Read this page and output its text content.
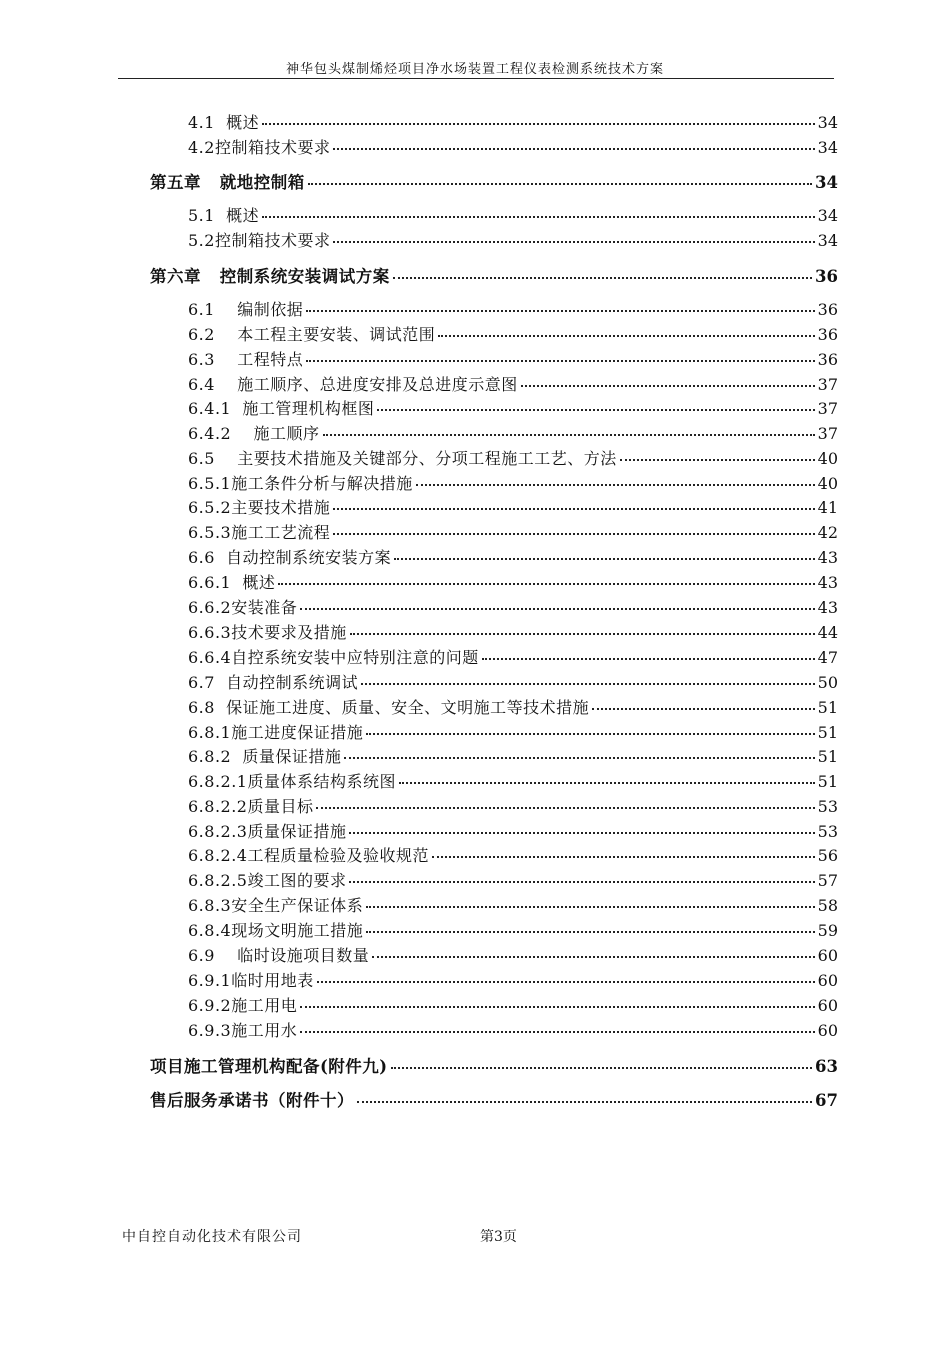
神华包头煤制烯烃项目净水场装置工程仪表检测系统技术方案
4.1  概述	34
4.2控制箱技术要求	34
第五章   就地控制箱	34
5.1  概述	34
5.2控制箱技术要求	34
第六章   控制系统安装调试方案	36
6.1    编制依据	36
6.2    本工程主要安装、调试范围	36
6.3    工程特点	36
6.4    施工顺序、总进度安排及总进度示意图	37
6.4.1  施工管理机构框图	37
6.4.2    施工顺序	37
6.5    主要技术措施及关键部分、分项工程施工工艺、方法	40
6.5.1施工条件分析与解决措施	40
6.5.2主要技术措施	41
6.5.3施工工艺流程	42
6.6  自动控制系统安装方案	43
6.6.1  概述	43
6.6.2安装准备	43
6.6.3技术要求及措施	44
6.6.4自控系统安装中应特别注意的问题	47
6.7  自动控制系统调试	50
6.8  保证施工进度、质量、安全、文明施工等技术措施	51
6.8.1施工进度保证措施	51
6.8.2  质量保证措施	51
6.8.2.1质量体系结构系统图	51
6.8.2.2质量目标	53
6.8.2.3质量保证措施	53
6.8.2.4工程质量检验及验收规范	56
6.8.2.5竣工图的要求	57
6.8.3安全生产保证体系	58
6.8.4现场文明施工措施	59
6.9    临时设施项目数量	60
6.9.1临时用地表	60
6.9.2施工用电	60
6.9.3施工用水	60
项目施工管理机构配备(附件九)	63
售后服务承诺书（附件十）	67
中自控自动化技术有限公司	第3页
